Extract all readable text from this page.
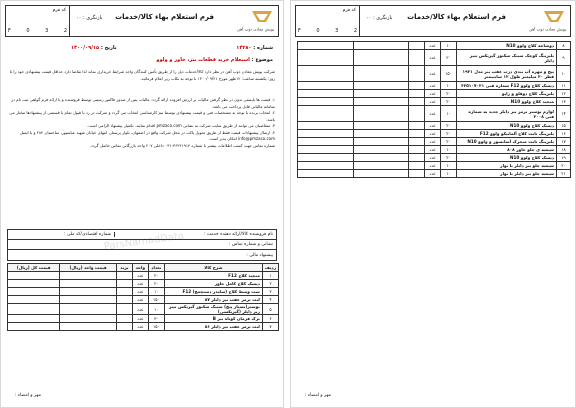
کد فرم
F	0	3	2
بازنگری : ۰۰ فرم استعلام بهاء کالا/خدمات
پویش معادن ذوب آهن
شماره : ۱۴۲۸۰
تاریخ : ۱۴۰۰/۰۹/۱۵
موضوع : استعلام خرید قطعات بنز، خاور و ولوو

شرکت پویش معادن ذوب آهن در نظر دارد کالا/خدمات ذیل را از طریق تأمین کنندگان واجد شرایط خریداری نماید لذا تقاضا دارد حداقل قیمت پیشنهادی خود را تا روز: یکشنبه ساعت: ۱۲ظهر مورخ ۱۴۰۰/۰۹/۲۱ با توجه به نکات زیر اعلام فرمائید.

۱. قیمت ها بایستی بدون در نظر گرفتن مالیات بر ارزش افزوده ارائه گردد. مالیات پس از صدور فاکتور رسمی توسط فروشنده و با ارائه فرم گواهی ثبت نام در سامانه مالیاتی قابل پرداخت می باشد.
۲. انتخاب برنده با توجه به مشخصات فنی و قیمت پیشنهادی توسط تیم کارشناسی انتخاب می گردد و شرکت در رد یا قبول تمام یا قسمتی از پیشنهادها مختار می باشد.
۳. متقاضیان می توانند از طریق سایت شرکت به نشانی pmzaco.com اقدام نمایند. تکمیل پیشنهاد الزامی است.
۴. ارسال پیشنهادات قیمت فقط از طریق تحویل پاکت در محل شرکت واقع در اصفهان، بلوار پرستار، انتهای خیابان شهید عباسپور، ساختمان ۲۸۴ و یا ایمیل info@pmzaco.com امکان پذیر است.
شماره تماس جهت کسب اطلاعات بیشتر با شماره ۳۶۲۴۱۹۱۴-۰۳۱ داخلی ۲۰۷ واحد بازرگانی تماس حاصل گردد.
نام فروشنده کالا/ارائه دهنده خدمت :
شماره اقتصادی/کد ملی :
نشانی و شماره تماس :
پیشنهاد مالی :
ردیف	شرح کالا	تعداد	واحد	برند	قیمت واحد (ریال)	قیمت کل (ریال)
۱	منجید کلاچ F12	۲۰	عدد			
۲	دیسک کلاچ کامل خاور	۲۰	عدد			
۳	ست وسط کلاچ (سلندر دستچمچ) F12	۱۰	عدد			
۴	لنت ترمز عقب تیر دابلر ۸۷	۱۵۰	عدد			
۵	بوستر(بسیار پیچ) سیبک سکتور گیربکس تیبر زیر دابلر (گیربکسی)	۱۰	عدد			
۶	ترک فرمان کوتاه بنز B	۳۰	عدد			
۷	لنت ترمز عقب تیر دابلر ۸۶	۱۵۰	عدد			
مهر و امضاء :
ParsNamadData
کد فرم
F	0	3	2
بازنگری : ۰۰ فرم استعلام بهاء کالا/خدمات
پویش معادن ذوب آهن
۸	دوشاخه کلاچ ولوو N10	۱۰	عدد			
۹	بلبرینگ کوچک سیبک سکتور گیربکس تیبر دابلر	۲۰	عدد			
۱۰	پیچ و مهره آب بندی درب عقب بنز مدل ۱۹۲۱ قطر ۳۰ میلیمتر طول ۱۲ سانتیمتر	۱۵۰	عدد			
۱۱	دیسک کلاچ ولوو F12 شماره فنی ۳۲۵۱۰۷۰۳۱	۱۰	عدد			
۱۲	بلبرینگ کلاچ دوقلو و راپو	۲۰	عدد			
۱۳	منجید کلاچ ولوو N10	۲۰	عدد			
۱۴	لوازم بوستر ترمز بنز دابلر جدید به شماره فنی ۲۰۰۸	۱۰	عدد			
۱۵	دیسک کلاچ ولوو N10	۲۰	عدد			
۱۶	بلبرینگ ثابت کلاچ آلمانیکو ولوو F12	۲۰	عدد			
۱۷	بلبرینگ ثابت منحرک آسانسور و ولوو N10	۲۰	عدد			
۱۸	شیشه ی جلو خاور ۸۰۸	۱۰	عدد			
۱۹	دیسک کلاچ ولوو N10	۲۰	عدد			
۲۰	شیشه جلو بنز دابلر با نوار	۱۰	عدد			
۲۱	شیشه جلو بنز دابلر با نوار	۱۰	عدد			
مهر و امضاء :
